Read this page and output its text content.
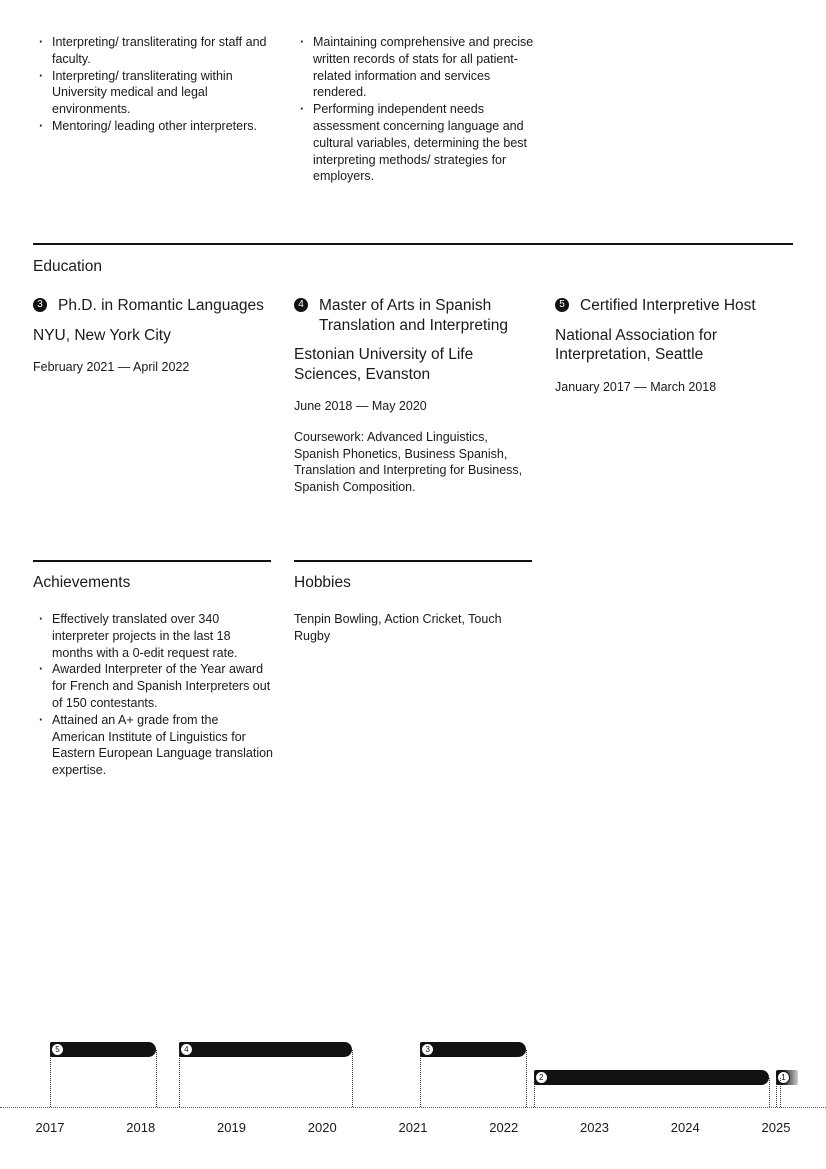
· Interpreting/ transliterating for staff and faculty.
· Interpreting/ transliterating within University medical and legal environments.
· Mentoring/ leading other interpreters.
· Maintaining comprehensive and precise written records of stats for all patient-related information and services rendered.
· Performing independent needs assessment concerning language and cultural variables, determining the best interpreting methods/ strategies for employers.
Education
3 Ph.D. in Romantic Languages
NYU, New York City
February 2021 — April 2022
4 Master of Arts in Spanish Translation and Interpreting
Estonian University of Life Sciences, Evanston
June 2018 — May 2020
Coursework: Advanced Linguistics, Spanish Phonetics, Business Spanish, Translation and Interpreting for Business, Spanish Composition.
5 Certified Interpretive Host
National Association for Interpretation, Seattle
January 2017 — March 2018
Achievements
· Effectively translated over 340 interpreter projects in the last 18 months with a 0-edit request rate.
· Awarded Interpreter of the Year award for French and Spanish Interpreters out of 150 contestants.
· Attained an A+ grade from the American Institute of Linguistics for Eastern European Language translation expertise.
Hobbies
Tenpin Bowling, Action Cricket, Touch Rugby
2017	2018	2019	2020	2021	2022	2023	2024	2025
5	4	3
2	1
